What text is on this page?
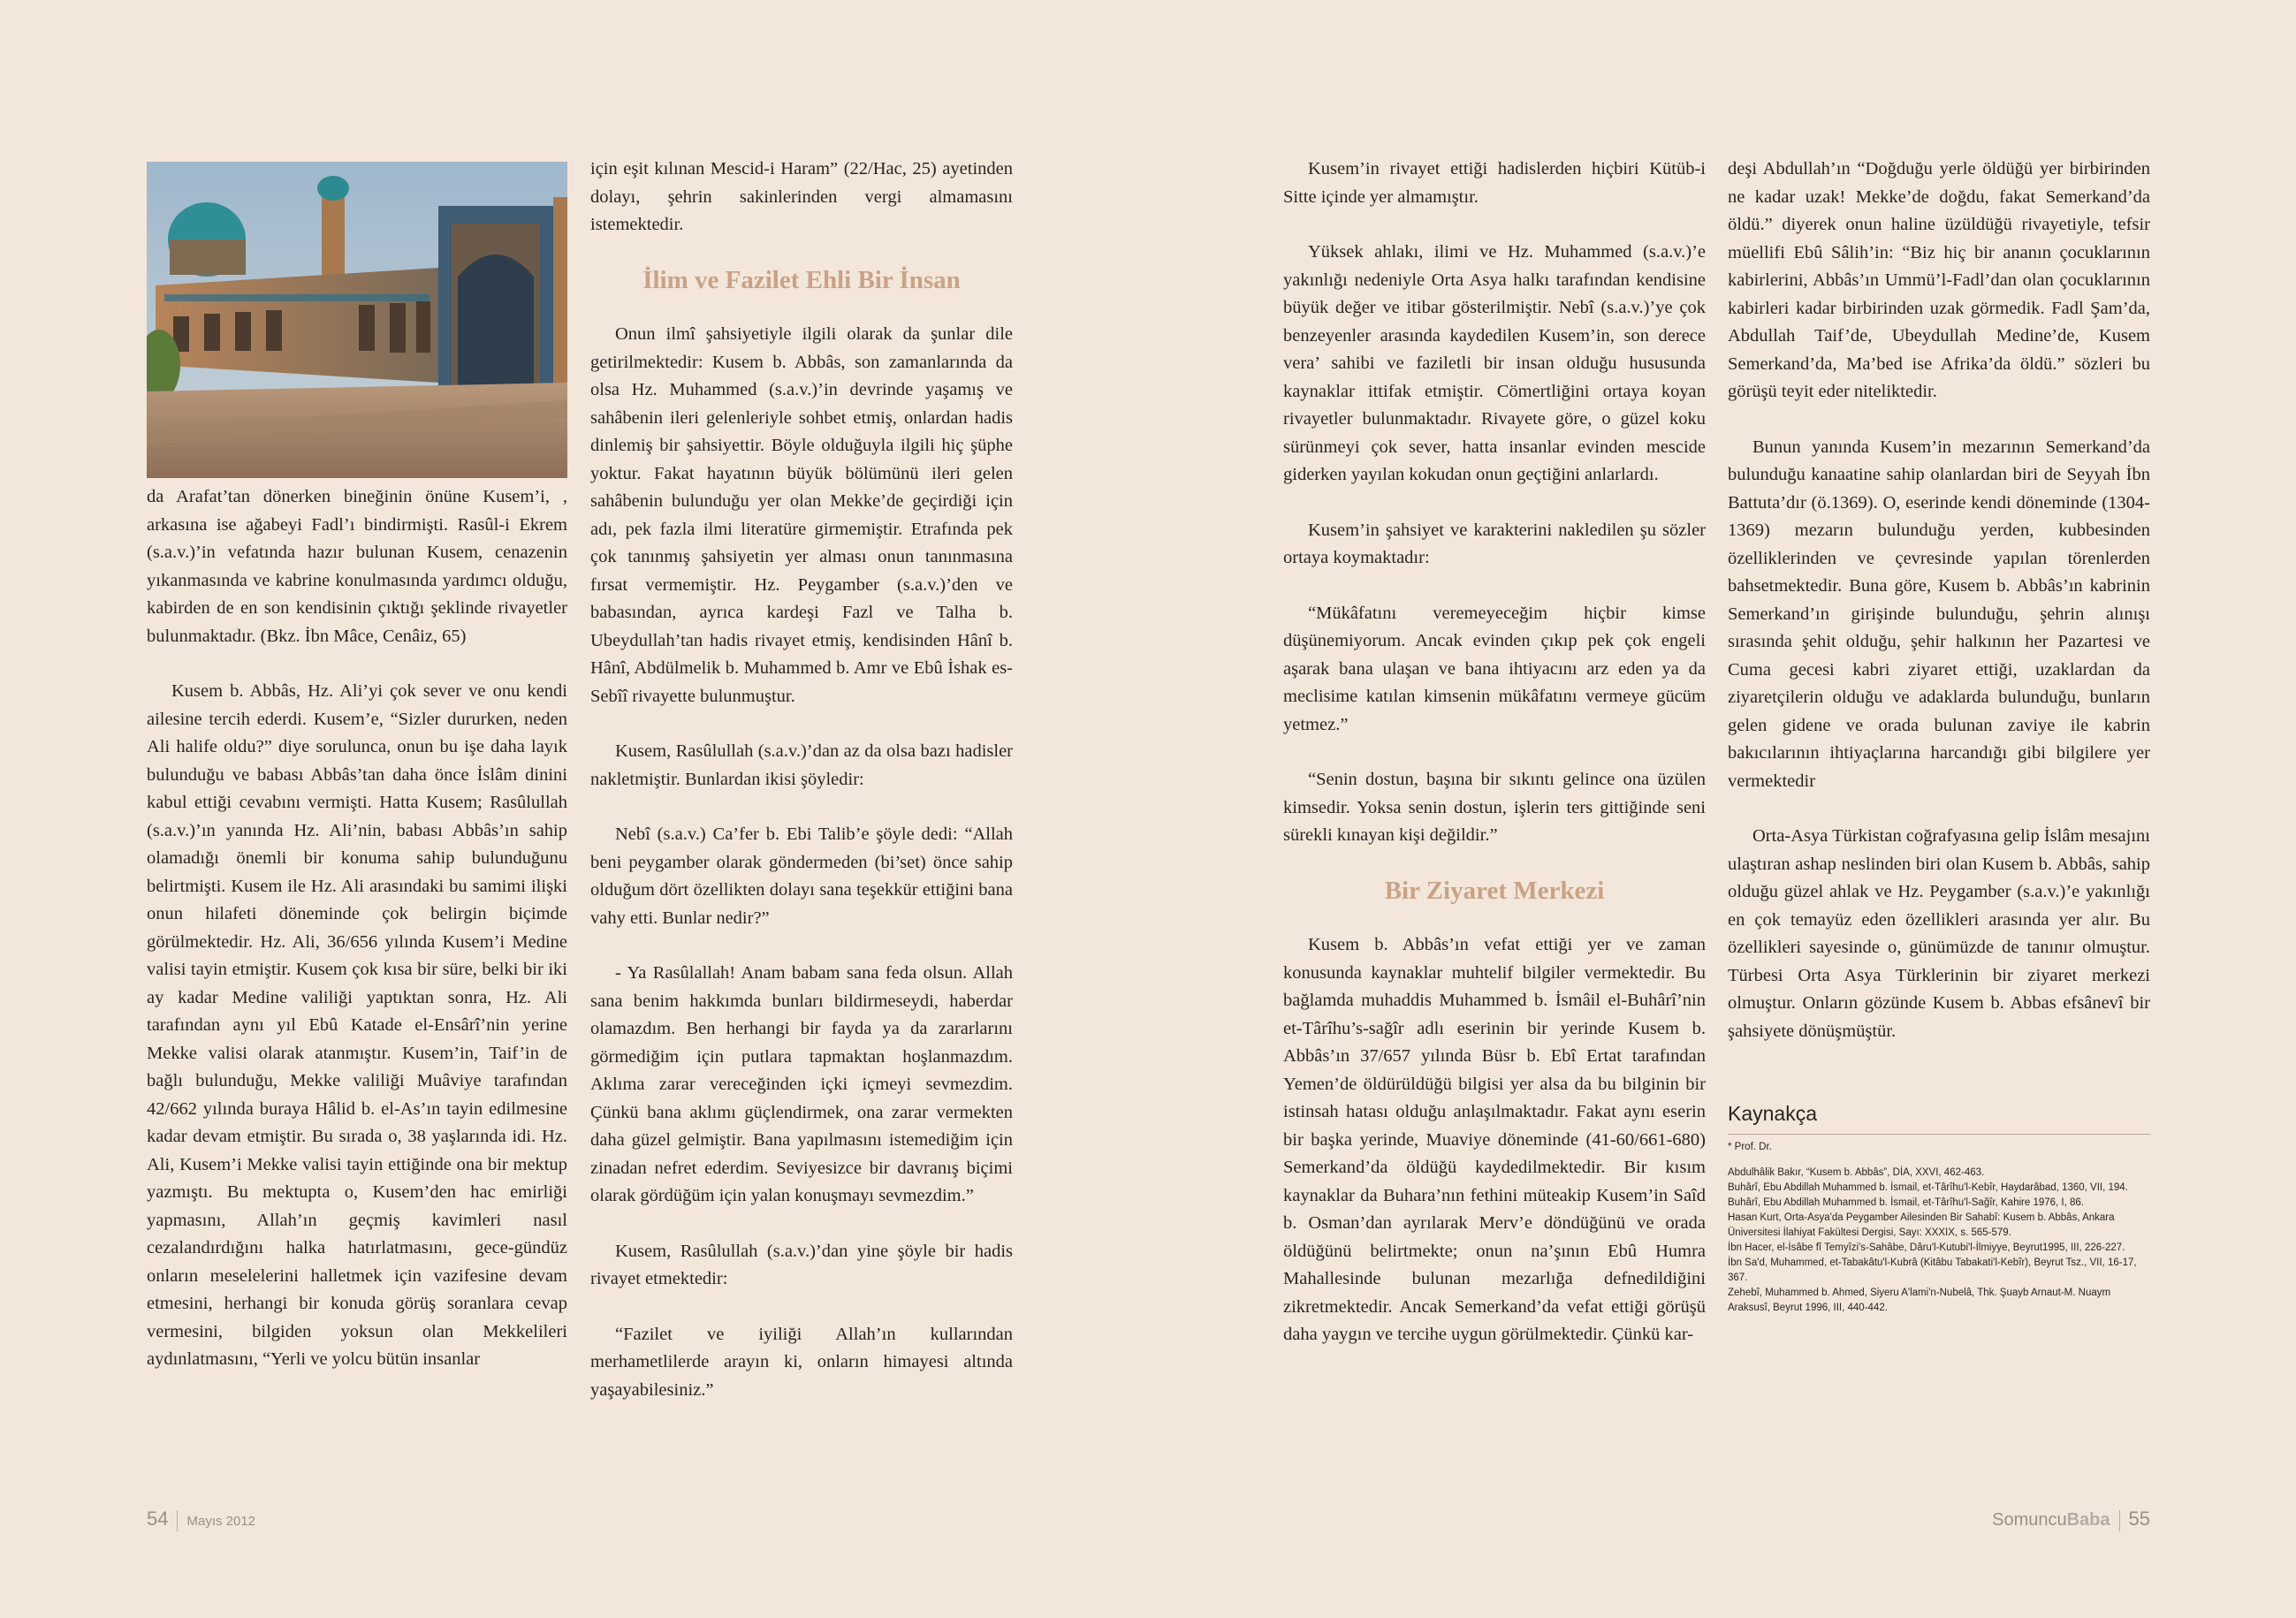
da Arafat’tan dönerken bineğinin önüne Kusem’i, , arkasına ise ağabeyi Fadl’ı bindirmişti. Rasûl-i Ekrem (s.a.v.)’in vefatında hazır bulunan Kusem, cenazenin yıkanmasında ve kabrine konulmasında yardımcı olduğu, kabirden de en son kendisinin çıktığı şeklinde rivayetler bulunmaktadır. (Bkz. İbn Mâce, Cenâiz, 65)

Kusem b. Abbâs, Hz. Ali’yi çok sever ve onu kendi ailesine tercih ederdi. Kusem’e, “Sizler dururken, neden Ali halife oldu?” diye sorulunca, onun bu işe daha layık bulunduğu ve babası Abbâs’tan daha önce İslâm dinini kabul ettiği cevabını vermişti. Hatta Kusem; Rasûlullah (s.a.v.)’ın yanında Hz. Ali’nin, babası Abbâs’ın sahip olamadığı önemli bir konuma sahip bulunduğunu belirtmişti. Kusem ile Hz. Ali arasındaki bu samimi ilişki onun hilafeti döneminde çok belirgin biçimde görülmektedir. Hz. Ali, 36/656 yılında Kusem’i Medine valisi tayin etmiştir. Kusem çok kısa bir süre, belki bir iki ay kadar Medine valiliği yaptıktan sonra, Hz. Ali tarafından aynı yıl Ebû Katade el-Ensârî’nin yerine Mekke valisi olarak atanmıştır. Kusem’in, Taif’in de bağlı bulunduğu, Mekke valiliği Muâviye tarafından 42/662 yılında buraya Hâlid b. el-As’ın tayin edilmesine kadar devam etmiştir. Bu sırada o, 38 yaşlarında idi. Hz. Ali, Kusem’i Mekke valisi tayin ettiğinde ona bir mektup yazmıştı. Bu mektupta o, Kusem’den hac emirliği yapmasını, Allah’ın geçmiş kavimleri nasıl cezalandırdığını halka hatırlatmasını, gece-gündüz onların meselelerini halletmek için vazifesine devam etmesini, herhangi bir konuda görüş soranlara cevap vermesini, bilgiden yoksun olan Mekkelileri aydınlatmasını, “Yerli ve yolcu bütün insanlar

için eşit kılınan Mescid-i Haram” (22/Hac, 25) ayetinden dolayı, şehrin sakinlerinden vergi almamasını istemektedir.

İlim ve Fazilet Ehli Bir İnsan

Onun ilmî şahsiyetiyle ilgili olarak da şunlar dile getirilmektedir: Kusem b. Abbâs, son zamanlarında da olsa Hz. Muhammed (s.a.v.)’in devrinde yaşamış ve sahâbenin ileri gelenleriyle sohbet etmiş, onlardan hadis dinlemiş bir şahsiyettir. Böyle olduğuyla ilgili hiç şüphe yoktur. Fakat hayatının büyük bölümünü ileri gelen sahâbenin bulunduğu yer olan Mekke’de geçirdiği için adı, pek fazla ilmi literatüre girmemiştir. Etrafında pek çok tanınmış şahsiyetin yer alması onun tanınmasına fırsat vermemiştir. Hz. Peygamber (s.a.v.)’den ve babasından, ayrıca kardeşi Fazl ve Talha b. Ubeydullah’tan hadis rivayet etmiş, kendisinden Hânî b. Hânî, Abdülmelik b. Muhammed b. Amr ve Ebû İshak es-Sebîî rivayette bulunmuştur.

Kusem, Rasûlullah (s.a.v.)’dan az da olsa bazı hadisler nakletmiştir. Bunlardan ikisi şöyledir:

Nebî (s.a.v.) Ca’fer b. Ebi Talib’e şöyle dedi: “Allah beni peygamber olarak göndermeden (bi’set) önce sahip olduğum dört özellikten dolayı sana teşekkür ettiğini bana vahy etti. Bunlar nedir?”

- Ya Rasûlallah! Anam babam sana feda olsun. Allah sana benim hakkımda bunları bildirmeseydi, haberdar olamazdım. Ben herhangi bir fayda ya da zararlarını görmediğim için putlara tapmaktan hoşlanmazdım. Aklıma zarar vereceğinden içki içmeyi sevmezdim. Çünkü bana aklımı güçlendirmek, ona zarar vermekten daha güzel gelmiştir. Bana yapılmasını istemediğim için zinadan nefret ederdim. Seviyesizce bir davranış biçimi olarak gördüğüm için yalan konuşmayı sevmezdim.”

Kusem, Rasûlullah (s.a.v.)’dan yine şöyle bir hadis rivayet etmektedir:

“Fazilet ve iyiliği Allah’ın kullarından merhametlilerde arayın ki, onların himayesi altında yaşayabilesiniz.”

Kusem’in rivayet ettiği hadislerden hiçbiri Kütüb-i Sitte içinde yer almamıştır.

Yüksek ahlakı, ilimi ve Hz. Muhammed (s.a.v.)’e yakınlığı nedeniyle Orta Asya halkı tarafından kendisine büyük değer ve itibar gösterilmiştir. Nebî (s.a.v.)’ye çok benzeyenler arasında kaydedilen Kusem’in, son derece vera’ sahibi ve faziletli bir insan olduğu hususunda kaynaklar ittifak etmiştir. Cömertliğini ortaya koyan rivayetler bulunmaktadır. Rivayete göre, o güzel koku sürünmeyi çok sever, hatta insanlar evinden mescide giderken yayılan kokudan onun geçtiğini anlarlardı.

Kusem’in şahsiyet ve karakterini nakledilen şu sözler ortaya koymaktadır:

“Mükâfatını veremeyeceğim hiçbir kimse düşünemiyorum. Ancak evinden çıkıp pek çok engeli aşarak bana ulaşan ve bana ihtiyacını arz eden ya da meclisime katılan kimsenin mükâfatını vermeye gücüm yetmez.”

“Senin dostun, başına bir sıkıntı gelince ona üzülen kimsedir. Yoksa senin dostun, işlerin ters gittiğinde seni sürekli kınayan kişi değildir.”

Bir Ziyaret Merkezi

Kusem b. Abbâs’ın vefat ettiği yer ve zaman konusunda kaynaklar muhtelif bilgiler vermektedir. Bu bağlamda muhaddis Muhammed b. İsmâil el-Buhârî’nin et-Târîhu’s-sağîr adlı eserinin bir yerinde Kusem b. Abbâs’ın 37/657 yılında Büsr b. Ebî Ertat tarafından Yemen’de öldürüldüğü bilgisi yer alsa da bu bilginin bir istinsah hatası olduğu anlaşılmaktadır. Fakat aynı eserin bir başka yerinde, Muaviye döneminde (41-60/661-680) Semerkand’da öldüğü kaydedilmektedir. Bir kısım kaynaklar da Buhara’nın fethini müteakip Kusem’in Saîd b. Osman’dan ayrılarak Merv’e döndüğünü ve orada öldüğünü belirtmekte; onun na’şının Ebû Humra Mahallesinde bulunan mezarlığa defnedildiğini zikretmektedir. Ancak Semerkand’da vefat ettiği görüşü daha yaygın ve tercihe uygun görülmektedir. Çünkü kar-

deşi Abdullah’ın “Doğduğu yerle öldüğü yer birbirinden ne kadar uzak! Mekke’de doğdu, fakat Semerkand’da öldü.” diyerek onun haline üzüldüğü rivayetiyle, tefsir müellifi Ebû Sâlih’in: “Biz hiç bir ananın çocuklarının kabirlerini, Abbâs’ın Ummü’l-Fadl’dan olan çocuklarının kabirleri kadar birbirinden uzak görmedik. Fadl Şam’da, Abdullah Taif’de, Ubeydullah Medine’de, Kusem Semerkand’da, Ma’bed ise Afrika’da öldü.” sözleri bu görüşü teyit eder niteliktedir.

Bunun yanında Kusem’in mezarının Semerkand’da bulunduğu kanaatine sahip olanlardan biri de Seyyah İbn Battuta’dır (ö.1369). O, eserinde kendi döneminde (1304-1369) mezarın bulunduğu yerden, kubbesinden özelliklerinden ve çevresinde yapılan törenlerden bahsetmektedir. Buna göre, Kusem b. Abbâs’ın kabrinin Semerkand’ın girişinde bulunduğu, şehrin alınışı sırasında şehit olduğu, şehir halkının her Pazartesi ve Cuma gecesi kabri ziyaret ettiği, uzaklardan da ziyaretçilerin olduğu ve adaklarda bulunduğu, bunların gelen gidene ve orada bulunan zaviye ile kabrin bakıcılarının ihtiyaçlarına harcandığı gibi bilgilere yer vermektedir

Orta-Asya Türkistan coğrafyasına gelip İslâm mesajını ulaştıran ashap neslinden biri olan Kusem b. Abbâs, sahip olduğu güzel ahlak ve Hz. Peygamber (s.a.v.)’e yakınlığı en çok temayüz eden özellikleri arasında yer alır. Bu özellikleri sayesinde o, günümüzde de tanınır olmuştur. Türbesi Orta Asya Türklerinin bir ziyaret merkezi olmuştur. Onların gözünde Kusem b. Abbas efsânevî bir şahsiyete dönüşmüştür.

Kaynakça
* Prof. Dr.
Abdulhâlik Bakır, “Kusem b. Abbâs”, DİA, XXVI, 462-463.
Buhârî, Ebu Abdillah Muhammed b. İsmail, et-Târîhu'l-Kebîr, Haydarâbad, 1360, VII, 194.
Buhârî, Ebu Abdillah Muhammed b. İsmail, et-Târîhu'l-Sağîr, Kahire 1976, I, 86.
Hasan Kurt, Orta-Asya'da Peygamber Ailesinden Bir Sahabî: Kusem b. Abbâs, Ankara Üniversitesi İlahiyat Fakültesi Dergisi, Sayı: XXXIX, s. 565-579.
İbn Hacer, el-İsâbe fî Temyîzi's-Sahâbe, Dâru'l-Kutubi'l-İlmiyye, Beyrut1995, III, 226-227.
İbn Sa'd, Muhammed, et-Tabakâtu'l-Kubrâ (Kitâbu Tabakati'l-Kebîr), Beyrut Tsz., VII, 16-17, 367.
Zehebî, Muhammed b. Ahmed, Siyeru A'lami'n-Nubelâ, Thk. Şuayb Arnaut-M. Nuaym Araksusî, Beyrut 1996, III, 440-442.
54 Mayıs 2012	SomuncuBaba 55
